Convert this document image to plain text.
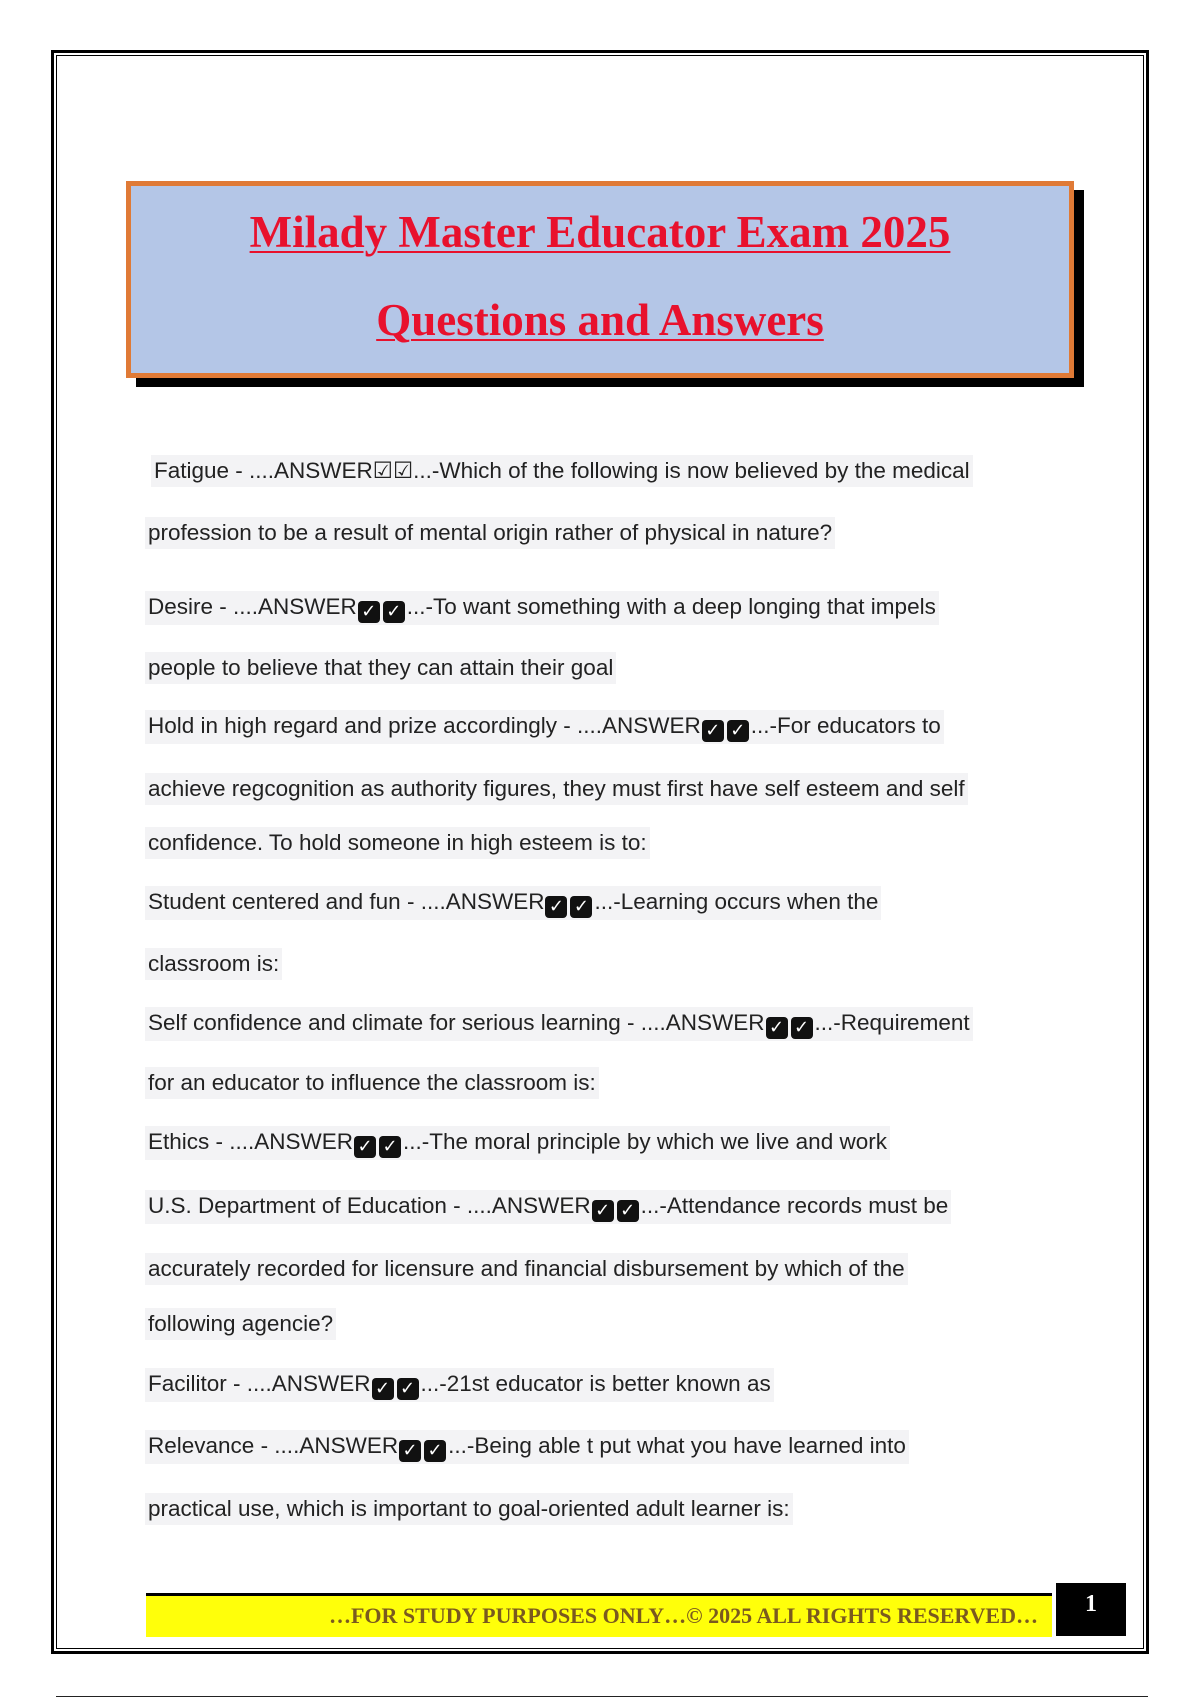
Milady Master Educator Exam 2025

Questions and Answers

Fatigue - ....ANSWER☑☑...-Which of the following is now believed by the medical
profession to be a result of mental origin rather of physical in nature?
Desire - ....ANSWER ✓ ✓ ...-To want something with a deep longing that impels
people to believe that they can attain their goal
Hold in high regard and prize accordingly - ....ANSWER ✓ ✓ ...-For educators to
achieve regcognition as authority figures, they must first have self esteem and self
confidence. To hold someone in high esteem is to:
Student centered and fun - ....ANSWER ✓ ✓ ...-Learning occurs when the
classroom is:
Self confidence and climate for serious learning - ....ANSWER ✓ ✓ ...-Requirement
for an educator to influence the classroom is:
Ethics - ....ANSWER ✓ ✓ ...-The moral principle by which we live and work
U.S. Department of Education - ....ANSWER ✓ ✓ ...-Attendance records must be
accurately recorded for licensure and financial disbursement by which of the
following agencie?
Facilitor - ....ANSWER ✓ ✓ ...-21st educator is better known as
Relevance - ....ANSWER ✓ ✓ ...-Being able t put what you have learned into
practical use, which is important to goal-oriented adult learner is:
…FOR STUDY PURPOSES ONLY…© 2025 ALL RIGHTS RESERVED…	1
